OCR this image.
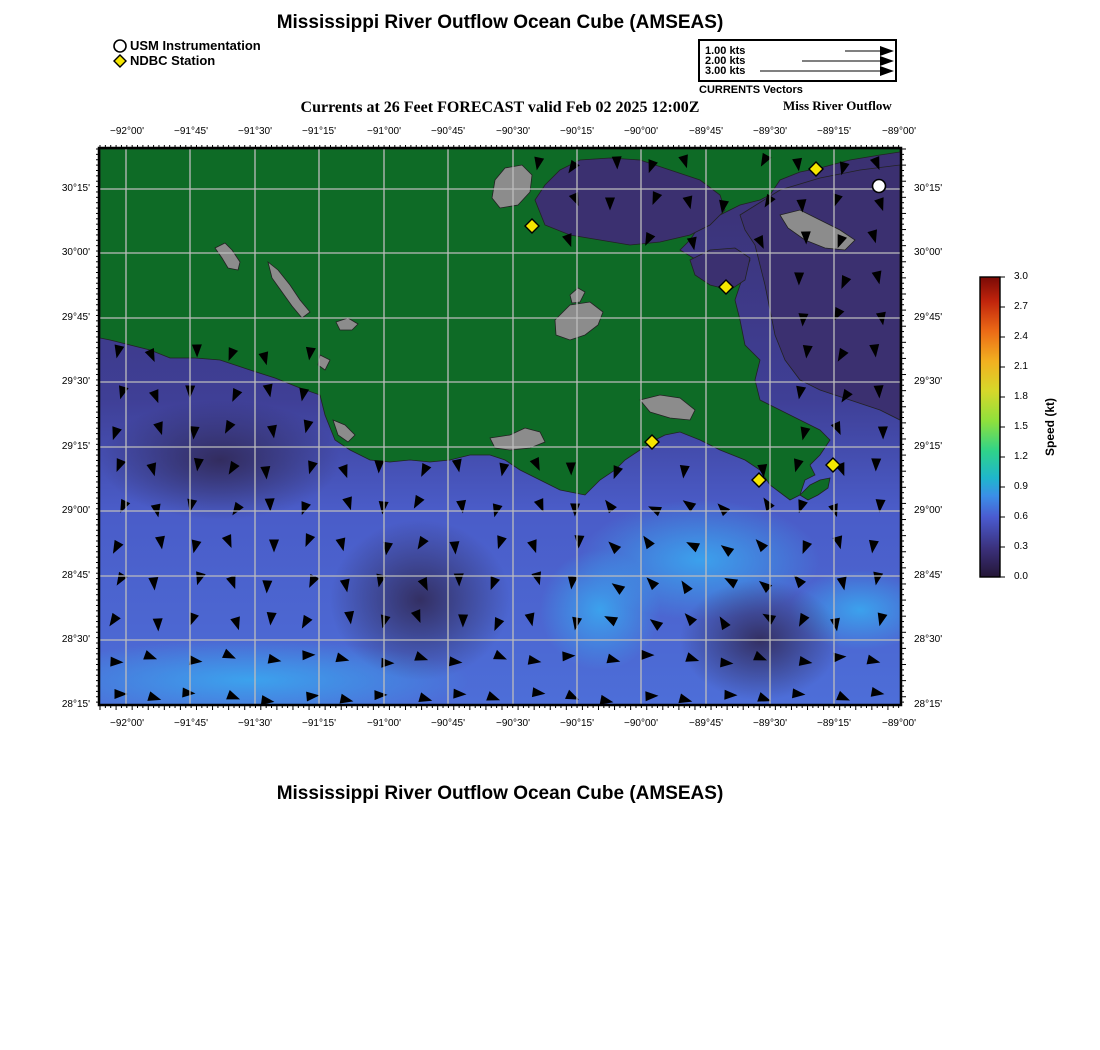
Mississippi River Outflow Ocean Cube (AMSEAS)
USM Instrumentation
NDBC Station
1.00 kts
2.00 kts
3.00 kts
CURRENTS Vectors
Currents at 26 Feet FORECAST valid Feb 02 2025 12:00Z	Miss River Outflow
−92°00'	−91°45'	−91°30'	−91°15'	−91°00'	−90°45'	−90°30'	−90°15'	−90°00'	−89°45'	−89°30'	−89°15'	−89°00'
−92°00'	−91°45'	−91°30'	−91°15'	−91°00'	−90°45'	−90°30'	−90°15'	−90°00'	−89°45'	−89°30'	−89°15'	−89°00'
30°15'
30°00'
29°45'
29°30'
29°15'
29°00'
28°45'
28°30'
28°15'
30°15'
30°00'
29°45'
29°30'
29°15'
29°00'
28°45'
28°30'
28°15'
3.0
2.7
2.4
2.1
1.8
1.5
1.2
0.9
0.6
0.3
0.0
Speed (kt)
Mississippi River Outflow Ocean Cube (AMSEAS)
